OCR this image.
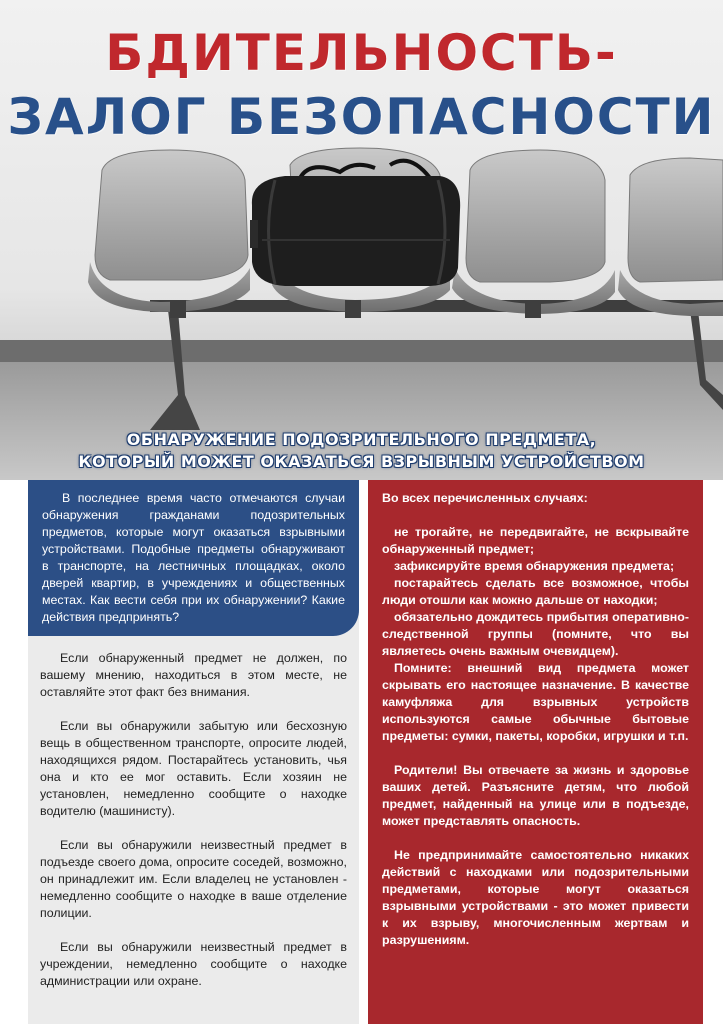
БДИТЕЛЬНОСТЬ-
ЗАЛОГ БЕЗОПАСНОСТИ
ОБНАРУЖЕНИЕ ПОДОЗРИТЕЛЬНОГО ПРЕДМЕТА,
КОТОРЫЙ МОЖЕТ ОКАЗАТЬСЯ ВЗРЫВНЫМ УСТРОЙСТВОМ

В последнее время часто отмечаются случаи обнаружения гражданами подозрительных предметов, которые могут оказаться взрывными устройствами. Подобные предметы обнаруживают в транспорте, на лестничных площадках, около дверей квартир, в учреждениях и общественных местах. Как вести себя при их обнаружении? Какие действия предпринять?

Если обнаруженный предмет не должен, по вашему мнению, находиться в этом месте, не оставляйте этот факт без внимания.

Если вы обнаружили забытую или бесхозную вещь в общественном транспорте, опросите людей, находящихся рядом. Постарайтесь установить, чья она и кто ее мог оставить. Если хозяин не установлен, немедленно сообщите о находке водителю (машинисту).

Если вы обнаружили неизвестный предмет в подъезде своего дома, опросите соседей, возможно, он принадлежит им. Если владелец не установлен - немедленно сообщите о находке в ваше отделение полиции.

Если вы обнаружили неизвестный предмет в учреждении, немедленно сообщите о находке администрации или охране.

Во всех перечисленных случаях:

не трогайте, не передвигайте, не вскрывайте обнаруженный предмет;

зафиксируйте время обнаружения предмета;

постарайтесь сделать все возможное, чтобы люди отошли как можно дальше от находки;

обязательно дождитесь прибытия оперативно-следственной группы (помните, что вы являетесь очень важным очевидцем).

Помните: внешний вид предмета может скрывать его настоящее назначение. В качестве камуфляжа для взрывных устройств используются самые обычные бытовые предметы: сумки, пакеты, коробки, игрушки и т.п.

Родители! Вы отвечаете за жизнь и здоровье ваших детей. Разъясните детям, что любой предмет, найденный на улице или в подъезде, может представлять опасность.

Не предпринимайте самостоятельно никаких действий с находками или подозрительными предметами, которые могут оказаться взрывными устройствами - это может привести к их взрыву, многочисленным жертвам и разрушениям.
